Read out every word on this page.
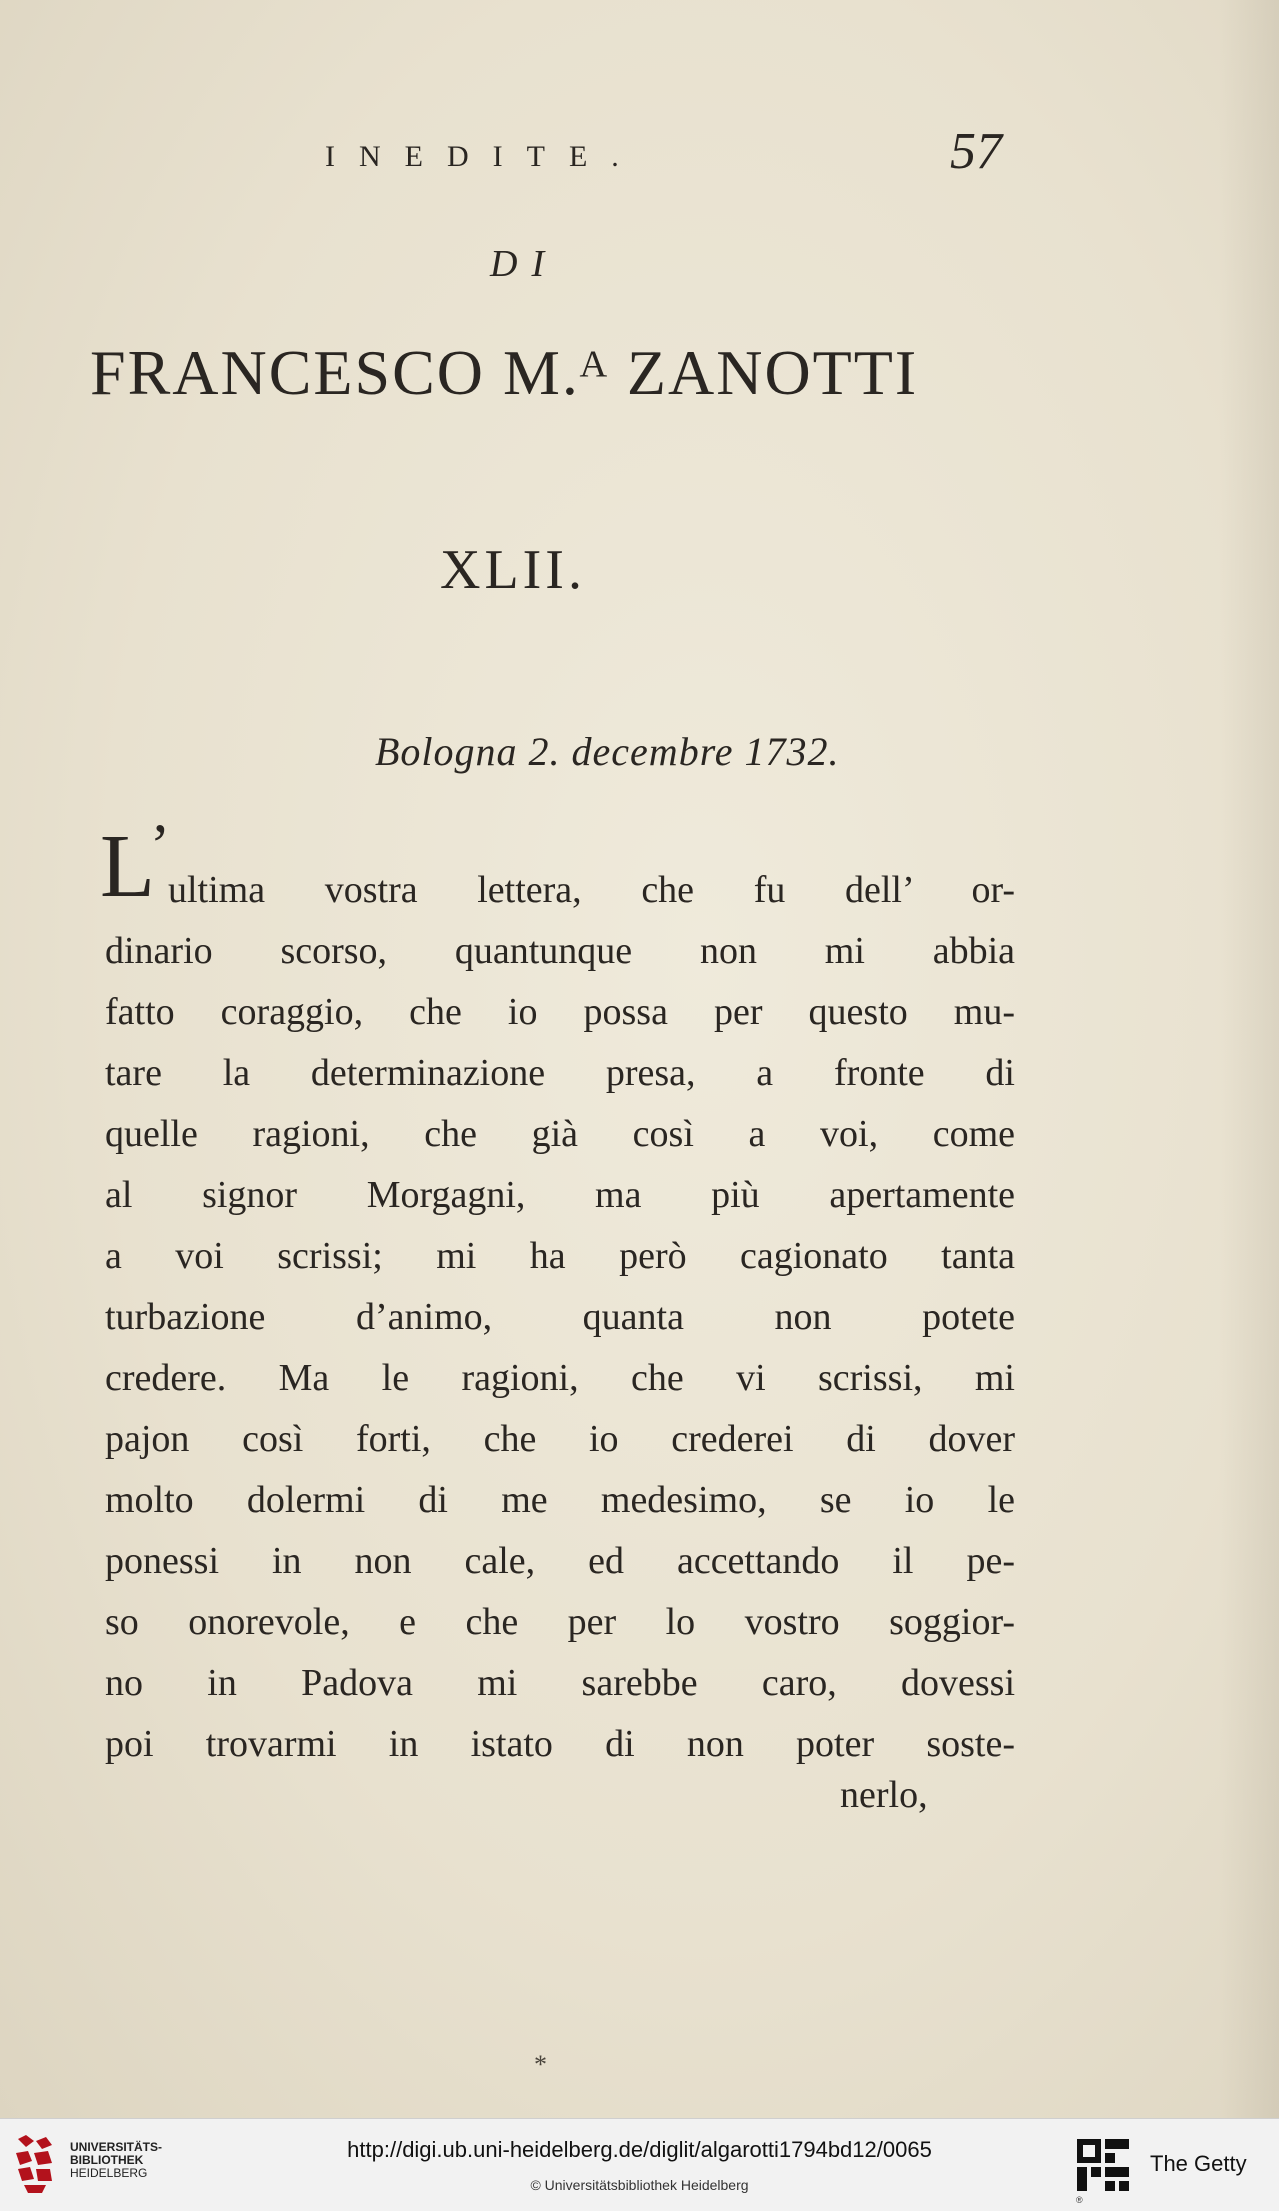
INEDITE.	57
DI
FRANCESCO M.ᴬ ZANOTTI
XLII.
Bologna 2. decembre 1732.
L
’
ultima vostra lettera, che fu dell’ or-
dinario scorso, quantunque non mi abbia
fatto coraggio, che io possa per questo mu-
tare la determinazione presa, a fronte di
quelle ragioni, che già così a voi, come
al signor Morgagni, ma più apertamente
a voi scrissi; mi ha però cagionato tanta
turbazione d’animo, quanta non potete
credere. Ma le ragioni, che vi scrissi, mi
pajon così forti, che io crederei di dover
molto dolermi di me medesimo, se io le
ponessi in non cale, ed accettando il pe-
so onorevole, e che per lo vostro soggior-
no in Padova mi sarebbe caro, dovessi
poi trovarmi in istato di non poter soste-
nerlo,
*
UNIVERSITÄTS-
BIBLIOTHEK
HEIDELBERG
http://digi.ub.uni-heidelberg.de/diglit/algarotti1794bd12/0065
© Universitätsbibliothek Heidelberg
®
The Getty
